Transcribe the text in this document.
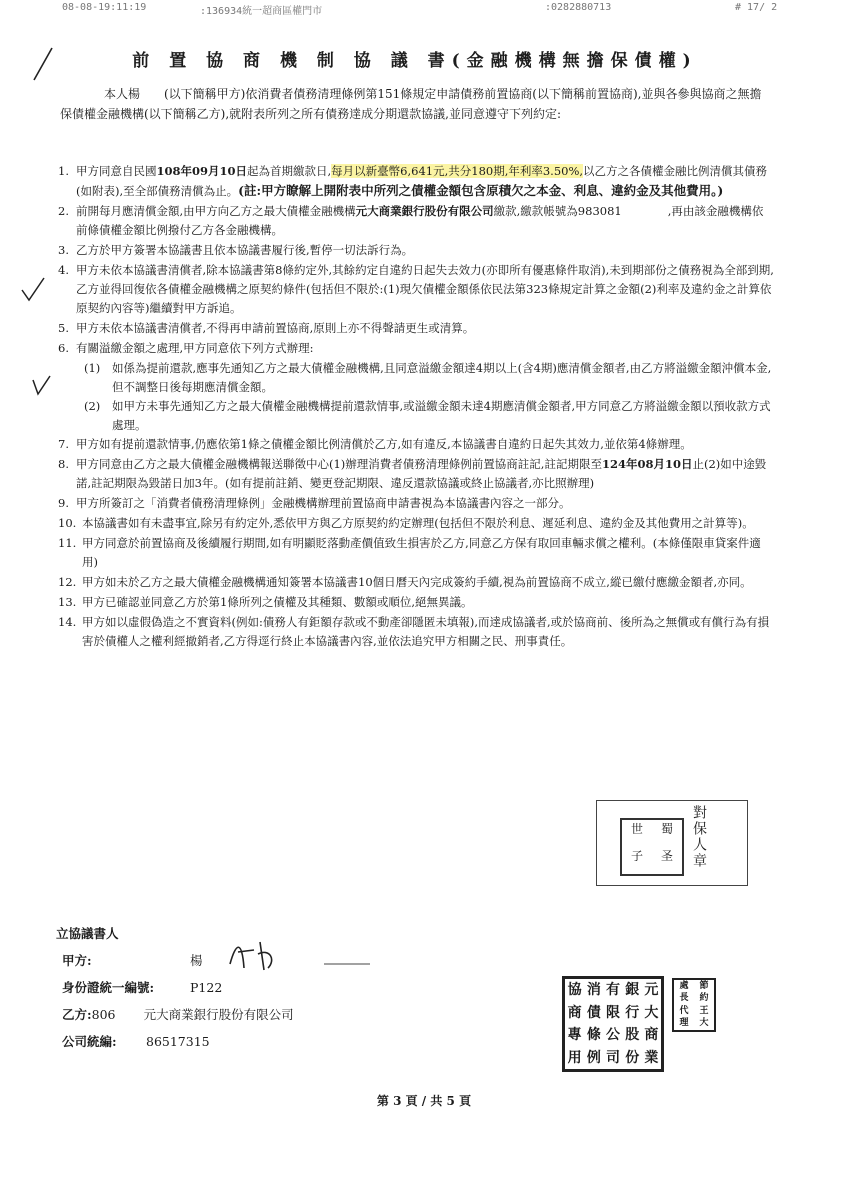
08-08-19:11:19	:136934統一超商區權門市	:0282880713	# 17/ 2
前 置 協 商 機 制 協 議 書(金融機構無擔保債權)
本人楊　　(以下簡稱甲方)依消費者債務清理條例第151條規定申請債務前置協商(以下簡稱前置協商),並與各參與協商之無擔保債權金融機構(以下簡稱乙方),就附表所列之所有債務達成分期還款協議,並同意遵守下列約定:
1. 甲方同意自民國108年09月10日起為首期繳款日,每月以新臺幣6,641元,共分180期,年利率3.50%,以乙方之各債權金融比例清償其債務(如附表),至全部債務清償為止。(註:甲方瞭解上開附表中所列之債權金額包含原積欠之本金、利息、違約金及其他費用。)
2. 前開每月應清償金額,由甲方向乙方之最大債權金融機構元大商業銀行股份有限公司繳款,繳款帳號為983081　　　　,再由該金融機構依前條債權金額比例撥付乙方各金融機構。
3. 乙方於甲方簽署本協議書且依本協議書履行後,暫停一切法訴行為。
4. 甲方未依本協議書清償者,除本協議書第8條約定外,其餘約定自違約日起失去效力(亦即所有優惠條件取消),未到期部份之債務視為全部到期,乙方並得回復依各債權金融機構之原契約條件(包括但不限於:(1)現欠債權金額係依民法第323條規定計算之金額(2)利率及違約金之計算依原契約內容等)繼續對甲方訴追。
5. 甲方未依本協議書清償者,不得再申請前置協商,原則上亦不得聲請更生或清算。
6. 有關溢繳金額之處理,甲方同意依下列方式辦理:
(1)	如係為提前還款,應事先通知乙方之最大債權金融機構,且同意溢繳金額達4期以上(含4期)應清償金額者,由乙方將溢繳金額沖償本金,但不調整日後每期應清償金額。
(2)	如甲方未事先通知乙方之最大債權金融機構提前還款情事,或溢繳金額未達4期應清償金額者,甲方同意乙方將溢繳金額以預收款方式處理。
7. 甲方如有提前還款情事,仍應依第1條之債權金額比例清償於乙方,如有違反,本協議書自違約日起失其效力,並依第4條辦理。
8. 甲方同意由乙方之最大債權金融機構報送聯徵中心(1)辦理消費者債務清理條例前置協商註記,註記期限至124年08月10日止(2)如中途毀諾,註記期限為毀諾日加3年。(如有提前註銷、變更登記期限、違反還款協議或終止協議者,亦比照辦理)
9. 甲方所簽訂之「消費者債務清理條例」金融機構辦理前置協商申請書視為本協議書內容之一部分。
10. 本協議書如有未盡事宜,除另有約定外,悉依甲方與乙方原契約約定辦理(包括但不限於利息、遲延利息、違約金及其他費用之計算等)。
11. 甲方同意於前置協商及後續履行期間,如有明顯貶落動產價值致生損害於乙方,同意乙方保有取回車輛求償之權利。(本條僅限車貸案件適用)
12. 甲方如未於乙方之最大債權金融機構通知簽署本協議書10個日曆天內完成簽約手續,視為前置協商不成立,縱已繳付應繳金額者,亦同。
13. 甲方已確認並同意乙方於第1條所列之債權及其種類、數額或順位,絕無異議。
14. 甲方如以虛假偽造之不實資料(例如:債務人有鉅額存款或不動產卻隱匿未填報),而達成協議者,或於協商前、後所為之無償或有償行為有損害於債權人之權利經撤銷者,乙方得逕行終止本協議書內容,並依法追究甲方相關之民、刑事責任。
世	蜀
子	圣	對保人章
立協議書人
甲方:	楊
身份證統一編號:	P122
乙方: 806	元大商業銀行股份有限公司
公司統編:	86517315
元
大
商
業
銀
行
股
份
有
限
公
司
消
債
條
例
協
商
專
用
節
約
王
大
處
長
代
理
第 3 頁 / 共 5 頁
